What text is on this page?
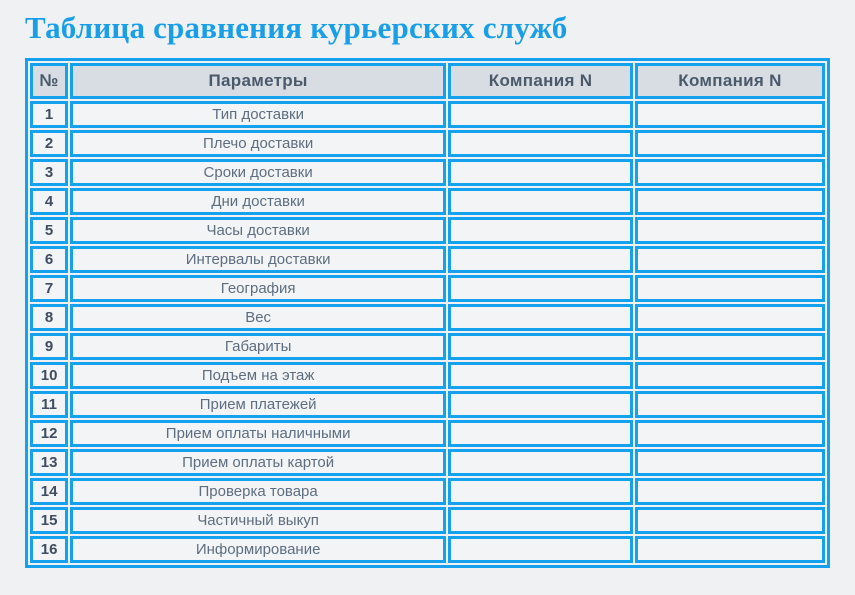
Таблица сравнения курьерских служб
№	Параметры	Компания N	Компания N
1	Тип доставки		
2	Плечо доставки		
3	Сроки доставки		
4	Дни доставки		
5	Часы доставки		
6	Интервалы доставки		
7	География		
8	Вес		
9	Габариты		
10	Подъем на этаж		
11	Прием платежей		
12	Прием оплаты наличными		
13	Прием оплаты картой		
14	Проверка товара		
15	Частичный выкуп		
16	Информирование		
